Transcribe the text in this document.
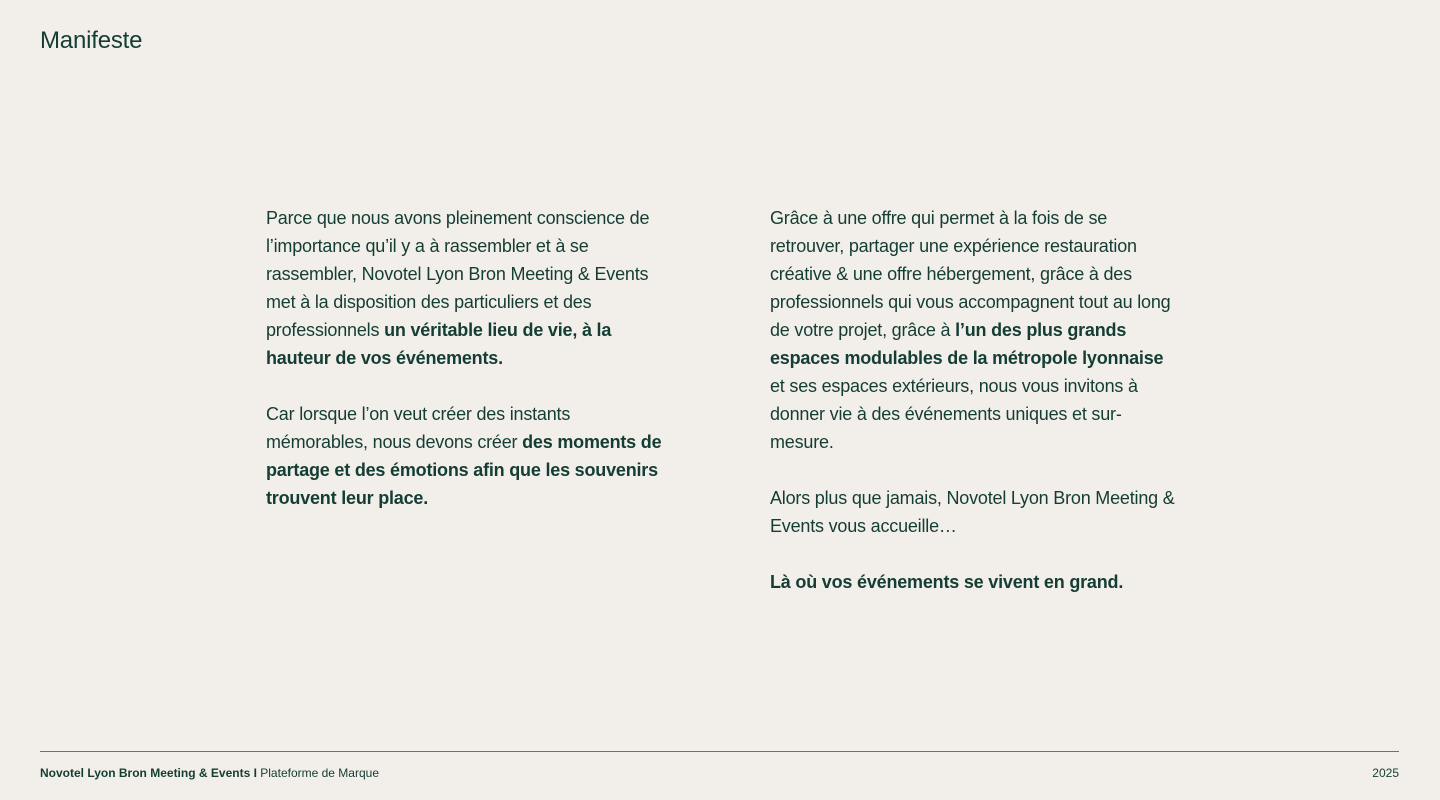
Manifeste

Parce que nous avons pleinement conscience de l’importance qu’il y a à rassembler et à se rassembler, Novotel Lyon Bron Meeting & Events met à la disposition des particuliers et des professionnels un véritable lieu de vie, à la hauteur de vos événements.

Car lorsque l’on veut créer des instants mémorables, nous devons créer des moments de partage et des émotions afin que les souvenirs trouvent leur place.

Grâce à une offre qui permet à la fois de se retrouver, partager une expérience restauration créative & une offre hébergement, grâce à des professionnels qui vous accompagnent tout au long de votre projet, grâce à l’un des plus grands espaces modulables de la métropole lyonnaise et ses espaces extérieurs, nous vous invitons à donner vie à des événements uniques et sur-mesure.

Alors plus que jamais, Novotel Lyon Bron Meeting & Events vous accueille…

Là où vos événements se vivent en grand.

Novotel Lyon Bron Meeting & Events I Plateforme de Marque	2025
